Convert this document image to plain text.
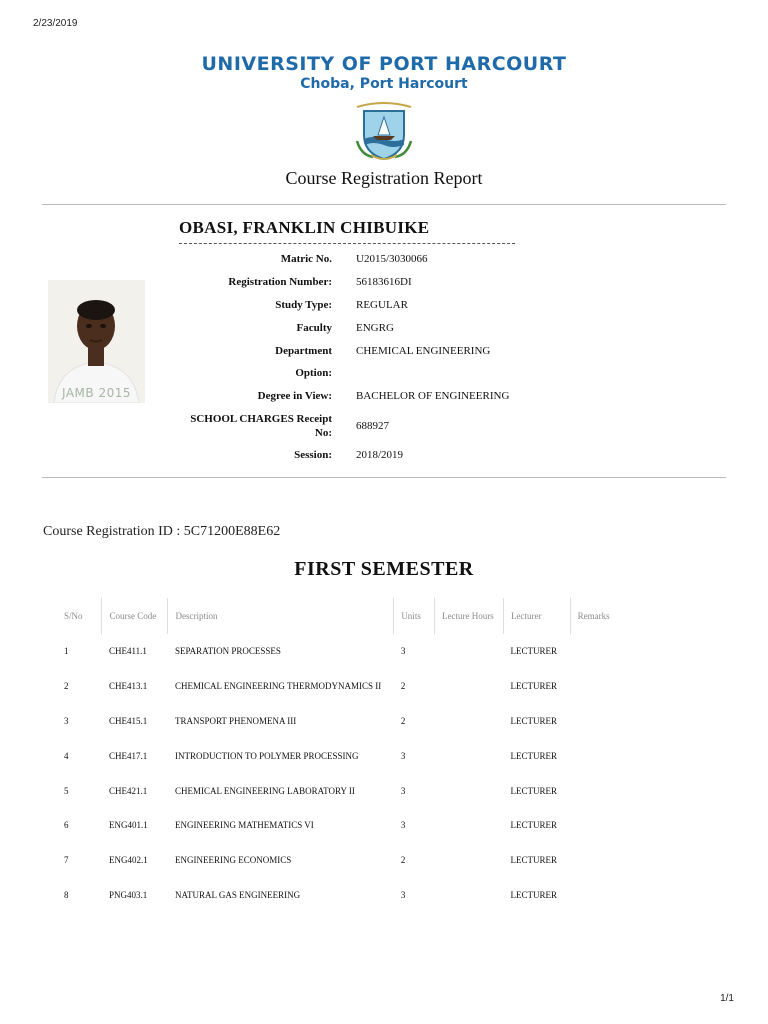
2/23/2019
UNIVERSITY OF PORT HARCOURT
Choba, Port Harcourt
Course Registration Report
OBASI, FRANKLIN CHIBUIKE
JAMB 2015
Matric No. U2015/3030066
Registration Number: 56183616DI
Study Type: REGULAR
Faculty ENGRG
Department CHEMICAL ENGINEERING
Option:
Degree in View: BACHELOR OF ENGINEERING
SCHOOL CHARGES Receipt No:
688927
Session: 2018/2019
Course Registration ID : 5C71200E88E62
FIRST SEMESTER
S/No	Course Code	Description	Units	Lecture Hours	Lecturer	Remarks
1	CHE411.1	SEPARATION PROCESSES	3		LECTURER	
2	CHE413.1	CHEMICAL ENGINEERING THERMODYNAMICS II	2		LECTURER	
3	CHE415.1	TRANSPORT PHENOMENA III	2		LECTURER	
4	CHE417.1	INTRODUCTION TO POLYMER PROCESSING	3		LECTURER	
5	CHE421.1	CHEMICAL ENGINEERING LABORATORY II	3		LECTURER	
6	ENG401.1	ENGINEERING MATHEMATICS VI	3		LECTURER	
7	ENG402.1	ENGINEERING ECONOMICS	2		LECTURER	
8	PNG403.1	NATURAL GAS ENGINEERING	3		LECTURER	
1/1
